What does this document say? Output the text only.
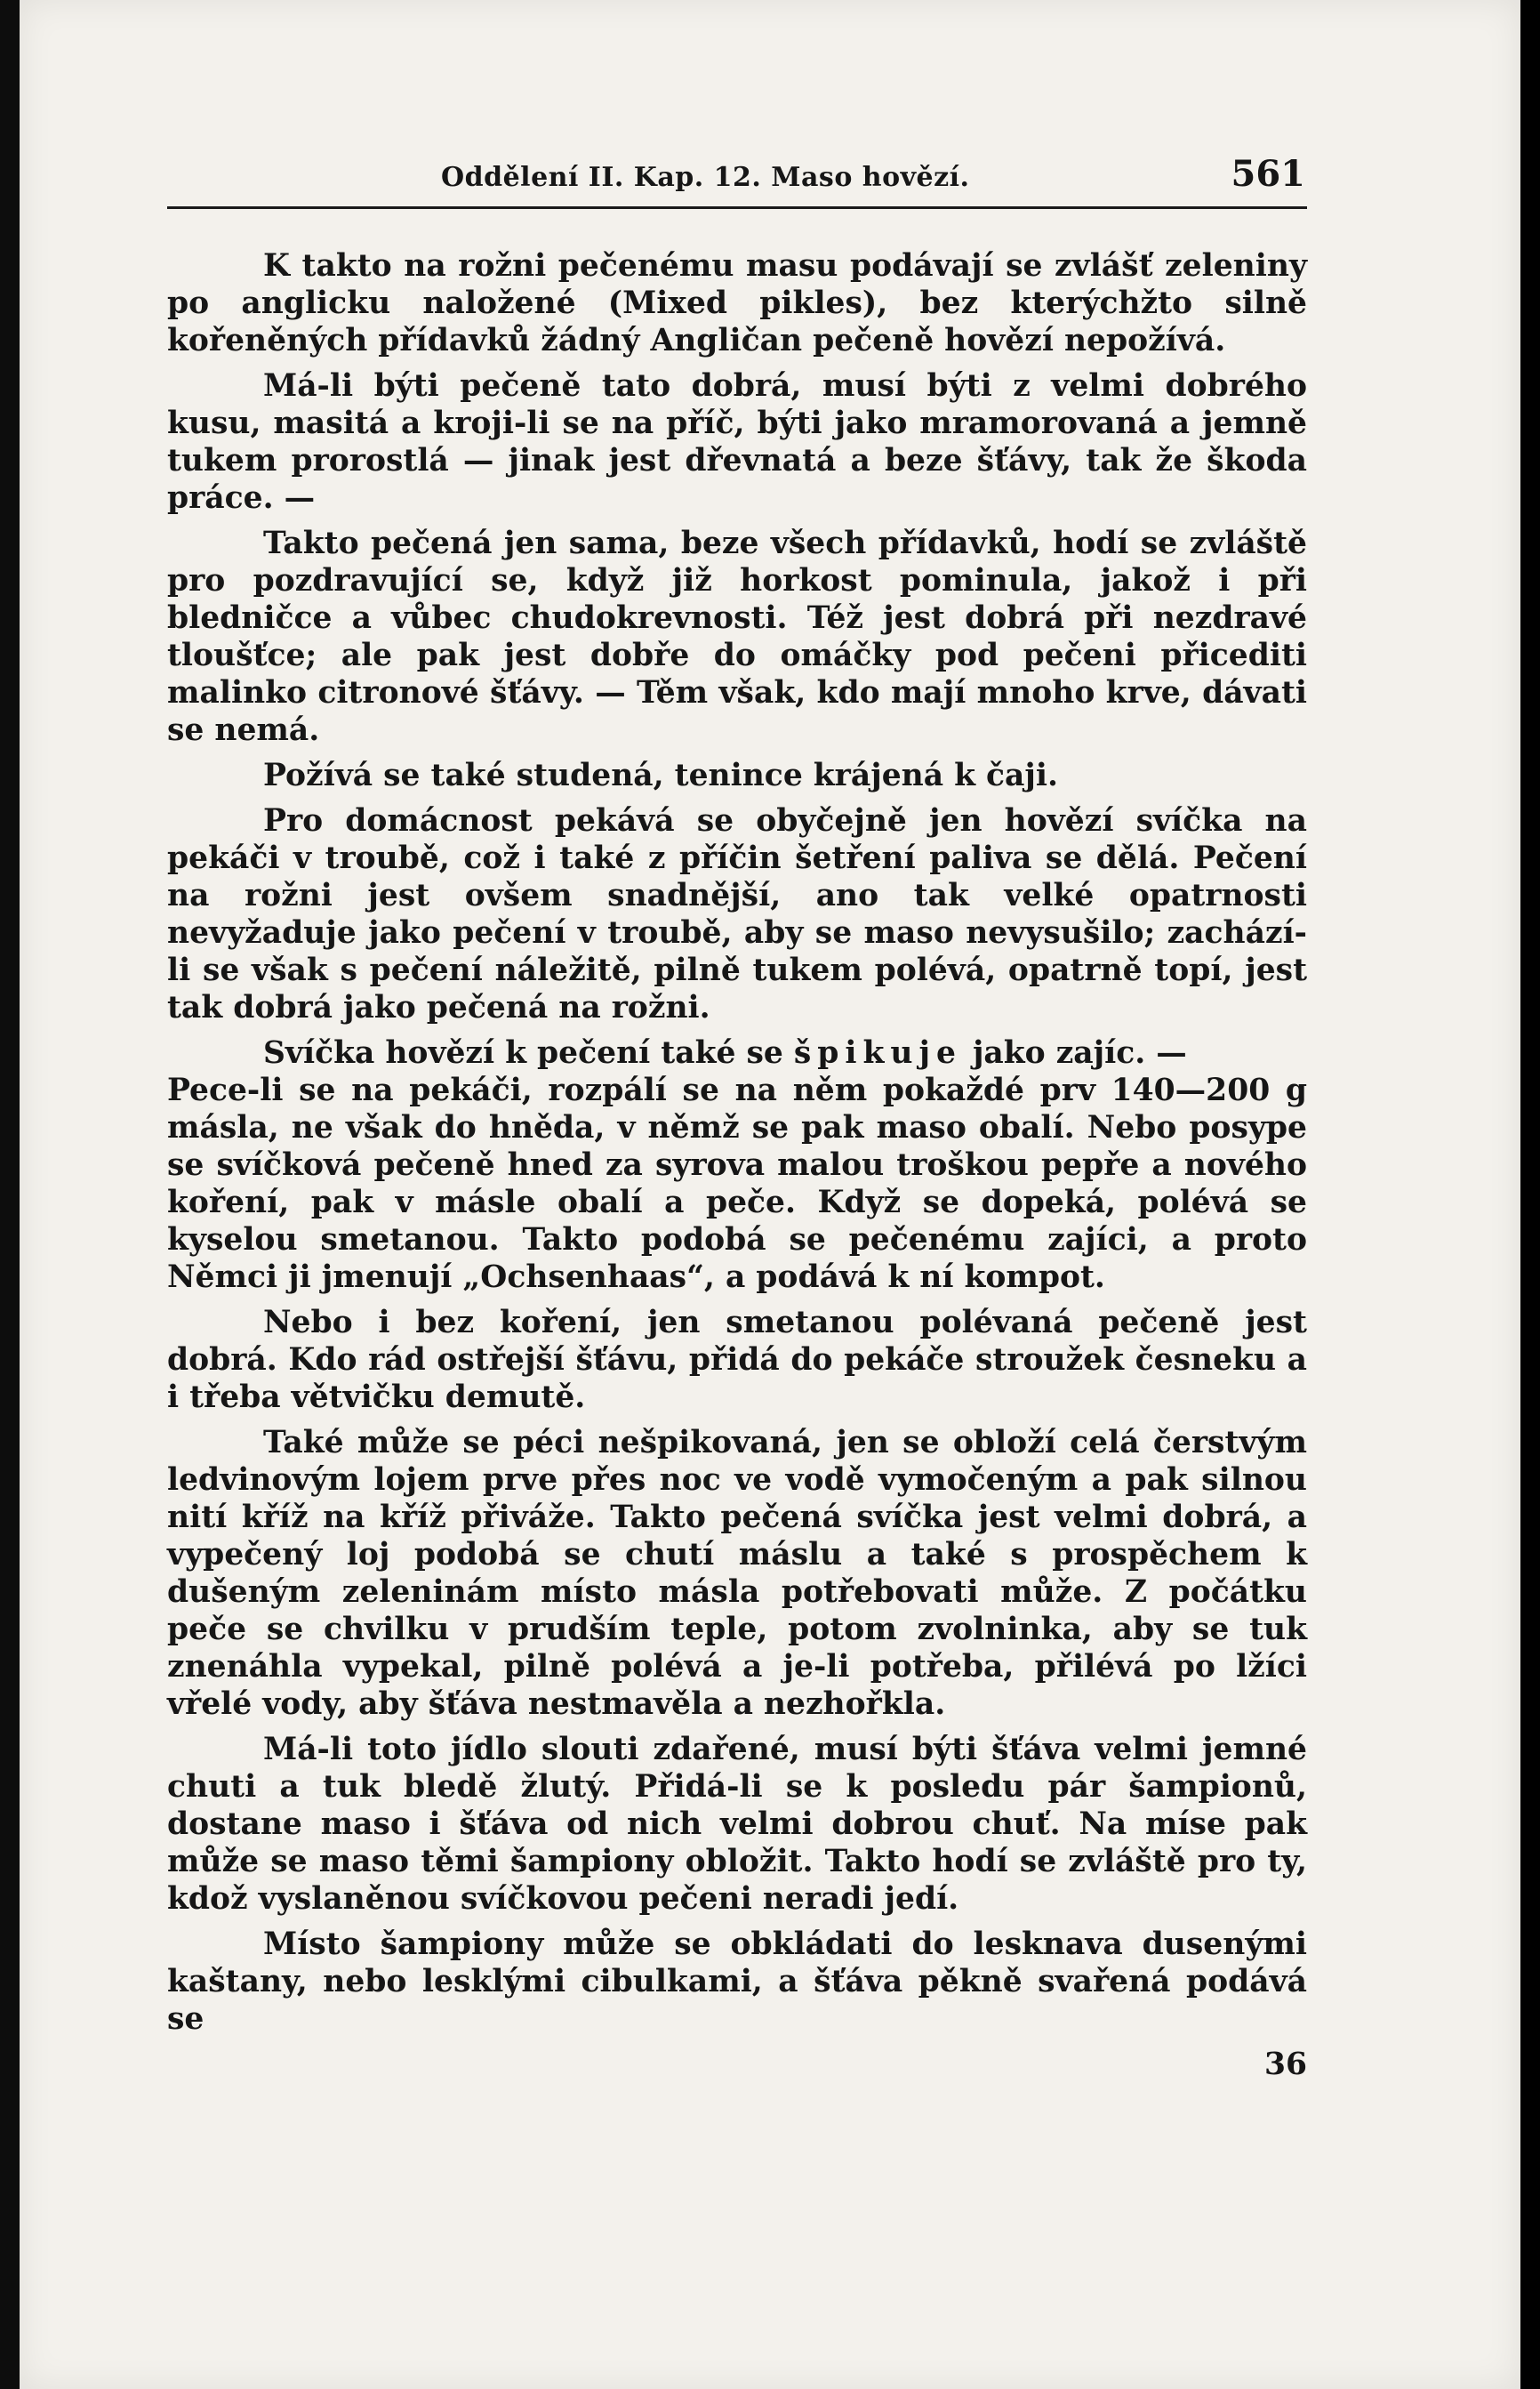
Oddělení II. Kap. 12. Maso hovězí.	561

K takto na rožni pečenému masu podávají se zvlášť zeleniny po anglicku naložené (Mixed pikles), bez kterýchžto silně kořeněných přídavků žádný Angličan pečeně hovězí nepožívá.

Má-li býti pečeně tato dobrá, musí býti z velmi dobrého kusu, masitá a kroji-li se na příč, býti jako mramorovaná a jemně tukem prorostlá — jinak jest dřevnatá a beze šťávy, tak že škoda práce. —

Takto pečená jen sama, beze všech přídavků, hodí se zvláště pro pozdravující se, když již horkost pominula, jakož i při bledničce a vůbec chudokrevnosti. Též jest dobrá při nezdravé tloušťce; ale pak jest dobře do omáčky pod pečeni přicediti malinko citronové šťávy. — Těm však, kdo mají mnoho krve, dávati se nemá.

Požívá se také studená, tenince krájená k čaji.

Pro domácnost pekává se obyčejně jen hovězí svíčka na pekáči v troubě, což i také z příčin šetření paliva se dělá. Pečení na rožni jest ovšem snadnější, ano tak velké opatrnosti nevyžaduje jako pečení v troubě, aby se maso nevysušilo; zachází-li se však s pečení náležitě, pilně tukem polévá, opatrně topí, jest tak dobrá jako pečená na rožni.

Svíčka hovězí k pečení také se špikuje jako zajíc. —

Pece-li se na pekáči, rozpálí se na něm pokaždé prv 140—200 g másla, ne však do hněda, v němž se pak maso obalí. Nebo posype se svíčková pečeně hned za syrova malou troškou pepře a nového koření, pak v másle obalí a peče. Když se dopeká, polévá se kyselou smetanou. Takto podobá se pečenému zajíci, a proto Němci ji jmenují „Ochsenhaas“, a podává k ní kompot.

Nebo i bez koření, jen smetanou polévaná pečeně jest dobrá. Kdo rád ostřejší šťávu, přidá do pekáče stroužek česneku a i třeba větvičku demutě.

Také může se péci nešpikovaná, jen se obloží celá čerstvým ledvinovým lojem prve přes noc ve vodě vymočeným a pak silnou nití kříž na kříž přiváže. Takto pečená svíčka jest velmi dobrá, a vypečený loj podobá se chutí máslu a také s prospěchem k dušeným zeleninám místo másla potřebovati může. Z počátku peče se chvilku v prudším teple, potom zvolninka, aby se tuk znenáhla vypekal, pilně polévá a je-li potřeba, přilévá po lžíci vřelé vody, aby šťáva nestmavěla a nezhořkla.

Má-li toto jídlo slouti zdařené, musí býti šťáva velmi jemné chuti a tuk bledě žlutý. Přidá-li se k posledu pár šampionů, dostane maso i šťáva od nich velmi dobrou chuť. Na míse pak může se maso těmi šampiony obložit. Takto hodí se zvláště pro ty, kdož vyslaněnou svíčkovou pečeni neradi jedí.

Místo šampiony může se obkládati do lesknava dusenými kaštany, nebo lesklými cibulkami, a šťáva pěkně svařená podává se

36
